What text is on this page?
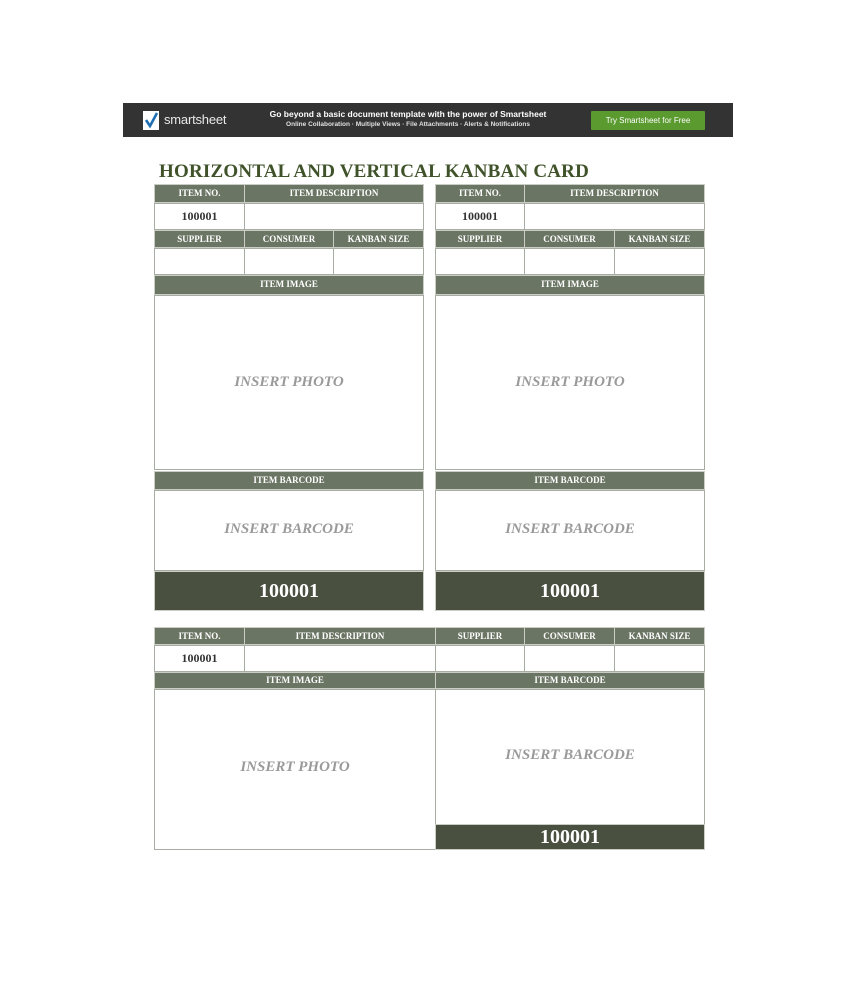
smartsheet	Go beyond a basic document template with the power of Smartsheet
Online Collaboration · Multiple Views · File Attachments · Alerts & Notifications	Try Smartsheet for Free
HORIZONTAL AND VERTICAL KANBAN CARD
ITEM NO.	ITEM DESCRIPTION
100001
SUPPLIER	CONSUMER	KANBAN SIZE
ITEM IMAGE
INSERT PHOTO
ITEM BARCODE
INSERT BARCODE
100001
ITEM NO.	ITEM DESCRIPTION
100001
SUPPLIER	CONSUMER	KANBAN SIZE
ITEM IMAGE
INSERT PHOTO
ITEM BARCODE
INSERT BARCODE
100001
ITEM NO.	ITEM DESCRIPTION	SUPPLIER	CONSUMER	KANBAN SIZE
100001
ITEM IMAGE	ITEM BARCODE
INSERT PHOTO
INSERT BARCODE
100001
